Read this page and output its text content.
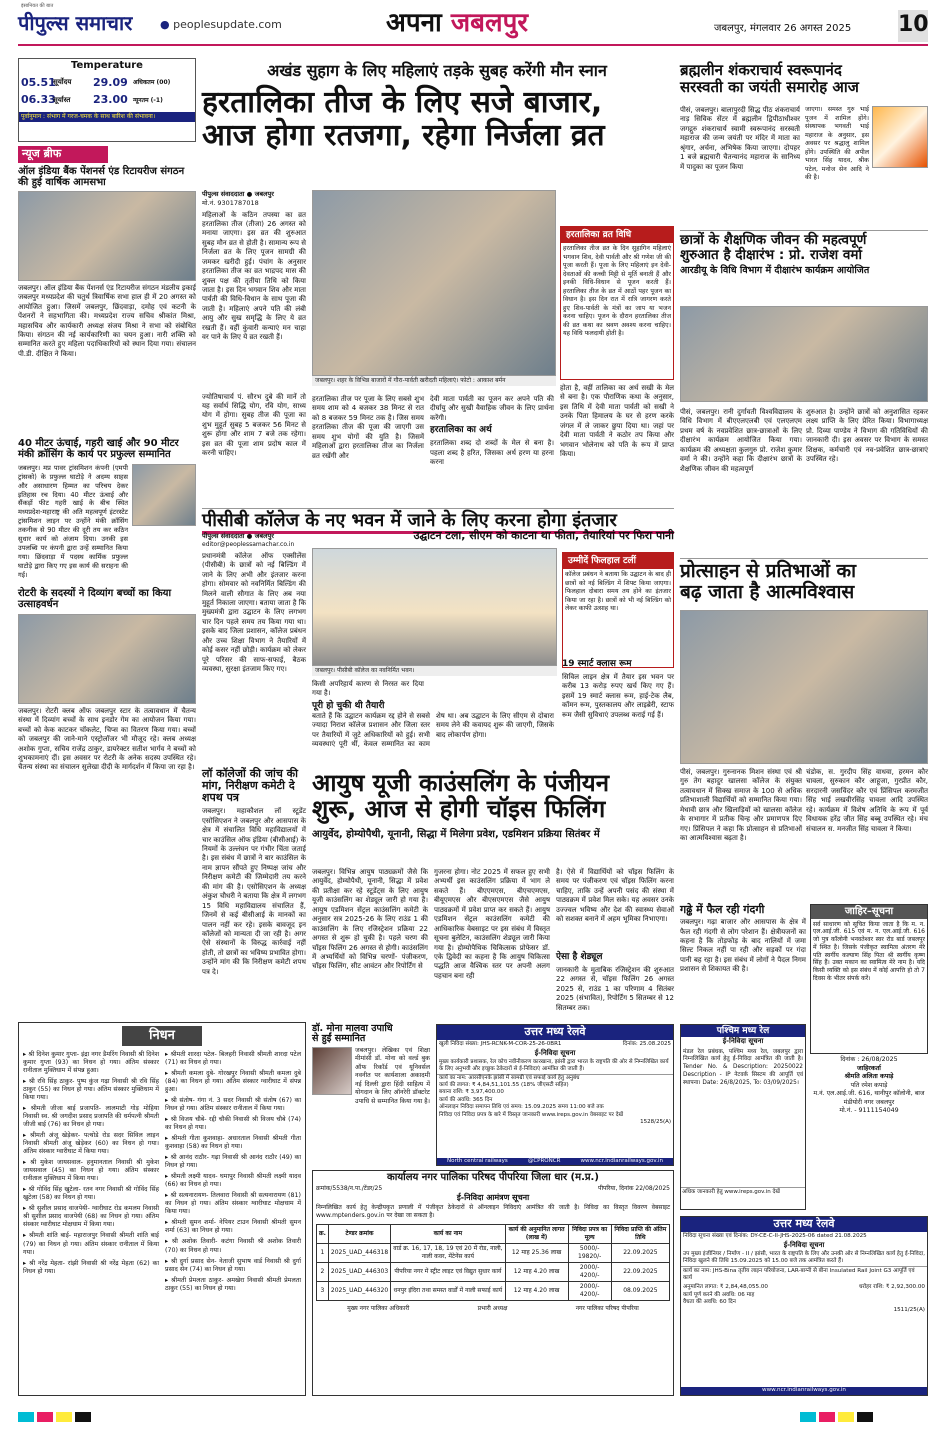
पीपुल्स समाचार
इंसानियत की बात
● peoplesupdate.com	अपना जबलपुर	जबलपुर, मंगलवार 26 अगस्त 2025 10
Temperature
05.51
सूर्योदय	29.09 अधिकतम (00)
06.33
सूर्यास्त	23.00 न्यूनतम (-1)
पूर्वानुमान : संभाग में गरज-चमक के साथ बारिश की संभावना।
न्यूज ब्रीफ
ऑल इंडिया बैंक पेंशनर्स एंड रिटायरीज संगठन की हुई वार्षिक आमसभा
जबलपुर। ऑल इंडिया बैंक पेंशनर्स एंड रिटायरीज संगठन मंडलीय इकाई जबलपुर मध्यप्रदेश की चतुर्थ त्रिवार्षिक सभा हाल ही में 20 अगस्त को आयोजित हुआ। जिसमें जबलपुर, छिंदवाड़ा, दमोह एवं कटनी के पेंशनरों ने सहभागिता की। मध्यप्रदेश राज्य सचिव श्रीकांत मिश्रा, महासचिव और कार्यकारी अध्यक्ष संजय मिश्रा ने सभा को संबोधित किया। संगठन की नई कार्यकारिणी का चयन हुआ। नारी शक्ति को सम्मानित करते हुए महिला पदाधिकारियों को स्थान दिया गया। संचालन पी.डी. दीक्षित ने किया।
40 मीटर ऊंचाई, गहरी खाई और 90 मीटर मंकी क्रॉसिंग के कार्य पर प्रफुल्ल सम्मानित
जबलपुर। मप्र पावर ट्रांसमिशन कंपनी (एमपी ट्रांसको) के प्रफुल्ल घाटोड़े ने अदम्य साहस और असाधारण हिम्मत का परिचय देकर इतिहास रच दिया। 40 मीटर ऊंचाई और सैंकड़ों फीट गहरी खाई के बीच स्थित मध्यप्रदेश-महाराष्ट्र की अति महत्वपूर्ण इंटरस्टेट ट्रांसमिशन लाइन पर उन्होंने मंकी क्रॉसिंग तकनीक से 90 मीटर की दूरी तय कर कठिन सुधार कार्य को अंजाम दिया। उनकी इस उपलब्धि पर कंपनी द्वारा उन्हें सम्मानित किया गया। छिंदवाड़ा में पदस्थ कार्मिक प्रफुल्ल घाटोड़े द्वारा किए गए इस कार्य की सराहना की गई।
रोटरी के सदस्यों ने दिव्यांग बच्चों का किया उत्साहवर्धन
जबलपुर। रोटरी क्लब ऑफ जबलपुर स्टार के तत्वावधान में चैतन्य संस्था में दिव्यांग बच्चों के साथ इनडोर गेम का आयोजन किया गया। बच्चों को केक काटकर चॉकलेट, चिप्स का वितरण किया गया। बच्चों को जबलपुर की जाने-माने एस्ट्रोलॉजर भी मौजूद रहे। क्लब अध्यक्ष अशोक गुप्ता, सचिव राजेंद्र ठाकुर, डायरेक्टर सतीश भार्गव ने बच्चों को शुभकामनाएं दीं। इस अवसर पर रोटरी के अनेक सदस्य उपस्थित रहे। चैतन्य संस्था का संचालन सुलेखा दीदी के मार्गदर्शन में किया जा रहा है।
अखंड सुहाग के लिए महिलाएं तड़के सुबह करेंगी मौन स्नान
हरतालिका तीज के लिए सजे बाजार,
आज होगा रतजगा, रहेगा निर्जला व्रत
पीपुल्स संवाददाता ● जबलपुर
मो.नं. 9301787018
महिलाओं के कठिन तपस्या का व्रत हरतालिका तीज (तीजा) 26 अगस्त को मनाया जाएगा। इस व्रत की शुरुआत सुबह मौन व्रत से होती है। सामान्य रूप से निर्जला व्रत के लिए पूजन सामग्री की जमकर खरीदी हुई। पंचांग के अनुसार हरतालिका तीज का व्रत भाद्रपद मास की शुक्ल पक्ष की तृतीया तिथि को किया जाता है। इस दिन भगवान शिव और माता पार्वती की विधि-विधान के साथ पूजा की जाती है। महिलाएं अपने पति की लंबी आयु और सुख समृद्धि के लिए ये व्रत रखती हैं। वहीं कुंवारी कन्याएं मन चाहा वर पाने के लिए ये व्रत रखती हैं।
ज्योतिषाचार्य पं. सौरभ दुबे की मानें तो यह सर्वार्थ सिद्धि योग, रवि योग, साध्य योग में होगा। सुबह तीज की पूजा का शुभ मुहूर्त सुबह 5 बजकर 56 मिनट से शुरू होगा और शाम 7 बजे तक रहेगा। इस व्रत की पूजा शाम प्रदोष काल में करनी चाहिए।
जबलपुर। शहर के विभिन्न बाजारों में गौरा-पार्वती खरीदती महिलाएं। फोटो : आकाश बर्मन
हरतालिका तीज पर पूजा के लिए सबसे शुभ समय शाम को 4 बजकर 38 मिनट से रात को 8 बजकर 59 मिनट तक है। जिस समय हरतालिका तीज की पूजा की जाएगी उस समय शुभ योगों की युति है। जिसमें महिलाओं द्वारा हरतालिका तीज का निर्जला व्रत रखेंगी और
देवी माता पार्वती का पूजन कर अपने पति की दीर्घायु और सुखी वैवाहिक जीवन के लिए प्रार्थना करेंगी।
हरतालिका का अर्थ
हरतालिका शब्द दो शब्दों के मेल से बना है। पहला शब्द है हरित, जिसका अर्थ हरण या हरना करना
हरतालिका व्रत विधि
हरतालिका तीज व्रत के दिन सुहागिन महिलाएं भगवान शिव, देवी पार्वती और श्री गणेश जी की पूजा करती हैं। पूजा के लिए महिलाएं इन देवी-देवताओं की कच्ची मिट्टी से मूर्ति बनाती हैं और इनकी विधि-विधान से पूजन करती हैं। हरतालिका तीज के व्रत में आठों पहर पूजन का विधान है। इस दिन रात में रात्रि जागरण करते हुए शिव-पार्वती के मंत्रों का जाप या भजन करना चाहिए। पूजन के दौरान हरतालिका तीज की व्रत कथा का श्रवण अवश्य करना चाहिए। यह विधि फलदायी होती है।
होता है, वहीं तालिका का अर्थ सखी के मेल से बना है। एक पौराणिक कथा के अनुसार, इस तिथि में देवी माता पार्वती को सखी ने उनके पिता हिमालय के घर से हरण करके जंगल में ले जाकर छुपा दिया था। जहां पर देवी माता पार्वती ने कठोर तप किया और भगवान भोलेनाथ को पति के रूप में प्राप्त किया।
पीसीबी कॉलेज के नए भवन में जाने के लिए करना होगा इंतजार
पीपुल्स संवाददाता ● जबलपुर
editor@peoplessamachar.co.in
प्रधानमंत्री कॉलेज ऑफ एक्सीलेंस (पीसीबी) के छात्रों को नई बिल्डिंग में जाने के लिए अभी और इंतजार करना होगा। सोमवार को नवनिर्मित बिल्डिंग की मिलने वाली सौगात के लिए अब नया मुहूर्त निकाला जाएगा। बताया जाता है कि मुख्यमंत्री द्वारा उद्घाटन के लिए लगभग चार दिन पहले समय तय किया गया था। इसके बाद जिला प्रशासन, कॉलेज प्रबंधन और उच्च शिक्षा विभाग ने तैयारियों में कोई कसर नहीं छोड़ी। कार्यक्रम को लेकर पूरे परिसर की साफ-सफाई, बैठक व्यवस्था, सुरक्षा इंतजाम किए गए।
उद्घाटन टला, सीएम को काटना था फीता, तैयारियां पर फिरा पानी
जबलपुर। पीसीबी कॉलेज का नवनिर्मित भवन।
किसी अपरिहार्य कारण से निरस्त कर दिया गया है।
पूरी हो चुकी थी तैयारी
बताते हैं कि उद्घाटन कार्यक्रम रद्द होने से सबसे ज्यादा निराश कॉलेज प्रशासन और जिला स्तर पर तैयारियों में जुटे अधिकारियों को हुई। सभी व्यवस्थाएं पूरी थीं, केवल सम्मानित का काम शेष था। अब उद्घाटन के लिए सीएम से दोबारा समय लेने की कवायद शुरू की जाएगी, जिसके बाद लोकार्पण होगा।
उम्मीदें फिलहाल टलीं
कॉलेज प्रबंधन ने बताया कि उद्घाटन के बाद ही छात्रों को नई बिल्डिंग में शिफ्ट किया जाएगा। फिलहाल दोबारा समय तय होने का इंतजार किया जा रहा है। छात्रों को भी नई बिल्डिंग को लेकर काफी उत्साह था।
19 स्मार्ट क्लास रूम
सिविल लाइन क्षेत्र में तैयार इस भवन पर करीब 13 करोड़ रुपए खर्च किए गए हैं। इसमें 19 स्मार्ट क्लास रूम, हाई-टेक लैब, कॉमन रूम, पुस्तकालय और लाइब्रेरी, स्टाफ रूम जैसी सुविधाएं उपलब्ध कराई गई हैं।
लॉ कॉलेजों की जांच की मांग, निरीक्षण कमेटी दे शपथ पत्र
जबलपुर। महाकौशल लॉ स्टूडेंट एसोसिएशन ने जबलपुर और आसपास के क्षेत्र में संचालित विधि महाविद्यालयों में चार काउंसिल ऑफ इंडिया (बीसीआई) के नियमों के उल्लंघन पर गंभीर चिंता जताई है। इस संबंध में छात्रों ने बार काउंसिल के नाम ज्ञापन सौंपते हुए निष्पक्ष जांच और निरीक्षण कमेटी की जिम्मेदारी तय करने की मांग की है। एसोसिएशन के अध्यक्ष अंकुश चौधरी ने बताया कि क्षेत्र में लगभग 15 विधि महाविद्यालय संचालित हैं, जिनमें से कई बीसीआई के मानकों का पालन नहीं कर रहे। इसके बावजूद इन कॉलेजों को मान्यता दी जा रही है। अगर ऐसे संस्थानों के विरुद्ध कार्रवाई नहीं होती, तो छात्रों का भविष्य प्रभावित होगा। उन्होंने मांग की कि निरीक्षण कमेटी शपथ पत्र दे।
आयुष यूजी काउंसलिंग के पंजीयन
शुरू, आज से होगी चॉइस फिलिंग
आयुर्वेद, होम्योपैथी, यूनानी, सिद्धा में मिलेगा प्रवेश, एडमिशन प्रक्रिया सितंबर में
जबलपुर। विभिन्न आयुष पाठ्यक्रमों जैसे कि आयुर्वेद, होम्योपैथी, यूनानी, सिद्धा में प्रवेश की प्रतीक्षा कर रहे स्टूडेंट्स के लिए आयुष यूजी काउंसलिंग का शेड्यूल जारी हो गया है। आयुष एडमिशन सेंट्रल काउंसलिंग कमेटी के अनुसार सत्र 2025-26 के लिए राउंड 1 की काउंसलिंग के लिए रजिस्ट्रेशन प्रक्रिया 22 अगस्त से शुरू हो चुकी है। पहले चरण की चॉइस फिलिंग 26 अगस्त से होगी। काउंसलिंग में अभ्यर्थियों को विभिन्न चरणों- पंजीकरण, चॉइस फिलिंग, सीट आवंटन और रिपोर्टिंग से
गुजरना होगा। नोट 2025 में सफल हुए सभी अभ्यर्थी इस काउंसलिंग प्रक्रिया में भाग ले सकते हैं। बीएएमएस, बीएचएमएस, बीयूएमएस और बीएसएमएस जैसे आयुष पाठ्यक्रमों में प्रवेश प्राप्त कर सकते हैं। आयुष एडमिशन सेंट्रल काउंसलिंग कमेटी की आधिकारिक वेबसाइट पर इस संबंध में विस्तृत सूचना बुलेटिन, काउंसलिंग शेड्यूल जारी किया गया है। होम्योपैथिक चिकित्सक प्रोफेसर डॉ. एके द्विवेदी का कहना है कि आयुष चिकित्सा पद्धति आज वैश्विक स्तर पर अपनी अलग पहचान बना रही
है। ऐसे में विद्यार्थियों को चॉइस फिलिंग के समय पर पंजीकरण एवं चॉइस फिलिंग करना चाहिए, ताकि उन्हें अपनी पसंद की संस्था में पाठ्यक्रम में प्रवेश मिल सके। यह अवसर उनके उज्ज्वल भविष्य और देश की स्वास्थ्य सेवाओं को सशक्त बनाने में अहम भूमिका निभाएगा।
ऐसा है शेड्यूल
जानकारी के मुताबिक रजिस्ट्रेशन की शुरुआत 22 अगस्त से, चॉइस फिलिंग 26 अगस्त 2025 से, राउंड 1 का परिणाम 4 सितंबर 2025 (संभावित), रिपोर्टिंग 5 सितम्बर से 12 सितम्बर तक।
ब्रह्मलीन शंकराचार्य स्वरूपानंद
सरस्वती का जयंती समारोह आज
पीसं, जबलपुर। बालापुरदी सिद्ध पीठ शंकराचार्य नाड़ सिविक सेंटर में ब्रह्मलीन द्विपीठाधीश्वर जगद्गुरु शंकराचार्य स्वामी स्वरूपानंद सरस्वती महाराज की जन्म जयंती पर मंदिर में माता का श्रृंगार, अर्चना, अभिषेक किया जाएगा। दोपहर 1 बजे ब्रह्मचारी चैतन्यानंद महाराज के सानिध्य में पादुका का पूजन किया
जाएगा। समस्त गुरु भाई पूजन में शामिल होंगे। संस्थापक भगवती भाई महाराज के अनुसार, इस अवसर पर श्रद्धालु शामिल होंगे। उपस्थिति की अपील भारत सिंह यादव, श्रीक पटेल, मनोज सेन आदि ने की है।
छात्रों के शैक्षणिक जीवन की महत्वपूर्ण
शुरुआत है दीक्षारंभ : प्रो. राजेश वर्मा
आरडीयू के विधि विभाग में दीक्षारंभ कार्यक्रम आयोजित
पीसं, जबलपुर। रानी दुर्गावती विश्वविद्यालय के विधि विभाग में बीएएलएलबी एवं एलएलएम प्रथम वर्ष के नवप्रवेशित छात्र-छात्राओं के लिए दीक्षारंभ कार्यक्रम आयोजित किया गया। कार्यक्रम की अध्यक्षता कुलगुरु प्रो. राजेश कुमार वर्मा ने की। उन्होंने कहा कि दीक्षारंभ छात्रों के शैक्षणिक जीवन की महत्वपूर्ण
शुरुआत है। उन्होंने छात्रों को अनुशासित रहकर लक्ष्य प्राप्ति के लिए प्रेरित किया। विभागाध्यक्ष प्रो. दिव्या पाण्डेय ने विभाग की गतिविधियों की जानकारी दी। इस अवसर पर विभाग के समस्त शिक्षक, कर्मचारी एवं नव-प्रवेशित छात्र-छात्राएं उपस्थित रहे।
प्रोत्साहन से प्रतिभाओं का
बढ़ जाता है आत्मविश्वास
पीसं, जबलपुर। गुरुनानक मिशन संस्था एवं श्री गुरु तेग बहादुर खालसा कॉलेज के संयुक्त तत्वावधान में सिक्ख समाज के 100 से अधिक प्रतिभाशाली विद्यार्थियों को सम्मानित किया गया। मेधावी छात्र और खिलाड़ियों को खालसा कॉलेज के सभागार में प्रतीक चिन्ह और प्रमाणपत्र दिए गए। प्रिंसिपल ने कहा कि प्रोत्साहन से प्रतिभाओं का आत्मविश्वास बढ़ता है।
चंडोक, स. गुरदीप सिंह वाधवा, हरमन कौर चावला, सुरुकान कौर आहूजा, गुरप्रीत कौर, सरदारनी जसविंदर कौर एवं प्रिंसिपल करमजीत सिंह भाई लखवीरसिंह चावला आदि उपस्थित रहे। कार्यक्रम में विशेष अतिथि के रूप में पूर्व विधायक हरेंद्र जीत सिंह बब्बू उपस्थित रहे। मंच संचालन स. मनजीत सिंह चावला ने किया।
गढ्ढे में फैल रही गंदगी
जबलपुर। गढ़ा बाजार और आसपास के क्षेत्र में फैल रही गंदगी से लोग परेशान हैं। क्षेत्रीयजनों का कहना है कि तोड़फोड़ के बाद नालियों में जमा सिल्ट निकल नहीं पा रही और सड़कों पर गंदा पानी बह रहा है। इस संबंध में लोगों ने पैदल निगम प्रशासन से शिकायत की है।
जाहिर–सूचना
सर्व साधारण को सूचित किया जाता है कि म. न. एल.आई.जी. 615 एवं म. न. एल.आई.जी. 616 जो पुत्र कॉलोनी भनवतेश्वर स्वर रोड बार्ड जबलपुर में स्थित है। जिसके पंजीकृत स्वामित्व अंतरण मेरे पति स्वर्गीय कल्याण सिंह पिता श्री स्वर्गीय कृष्ण सिंह हैं। उक्त मकान का स्वामित्व मेरे नाम है। यदि किसी व्यक्ति को इस संबंध में कोई आपत्ति हो तो 7 दिवस के भीतर संपर्क करें।
दिनांक : 26/08/2025
जाहिरकर्ता
श्रीमति अलिता कपाड़े
पति रमेश कपाड़े
म.नं. एल.आई.जी. 616, थानीपुर कॉलोनी, बाज मंडीयोरी नगर जबलपुर
मो.नं. - 9111154049
निधन
▸ श्री दिनेश कुमार गुप्ता- इंद्रा नगर डैमरिंग निवासी श्री दिनेश कुमार गुप्ता (93) का निधन हो गया। अंतिम संस्कार रानीताल मुक्तिधाम में संपन्न हुआ।
▸ श्री रवि सिंह ठाकुर- पुष्प कुंज गढ़ा निवासी श्री रवि सिंह ठाकुर (55) का निधन हो गया। अंतिम संस्कार मुक्तिधाम में किया गया।
▸ श्रीमती जीजा बाई प्रजापति- लालमाटी गोड़ मोहिया निवासी स्व. श्री जगदीश प्रसाद प्रजापति की धर्मपत्नी श्रीमती जीजी बाई (76) का निधन हो गया।
▸ श्रीमती अंजू खेड़ेकर- पत्थोडे रोड सदर सिविल लाइन निवासी श्रीमती अंजू खेड़ेकर (60) का निधन हो गया। अंतिम संस्कार ग्वारीघाट में किया गया।
▸ श्री मुकेश जायसवाल- हनुमानताल निवासी श्री मुकेश जायसवाल (45) का निधन हो गया। अंतिम संस्कार रानीताल मुक्तिधाम में किया गया।
▸ श्री गोविंद सिंह खुटेला- रतन नगर निवासी श्री गोविंद सिंह खुटेला (58) का निधन हो गया।
▸ श्री सुशील प्रसाद वाजपेयी- ग्वारीघाट रोड कमलम निवासी श्री सुशील प्रसाद वाजपेयी (68) का निधन हो गया। अंतिम संस्कार ग्वारीघाट मोक्षधाम में किया गया।
▸ श्रीमती शांति बाई- महाराजपुर निवासी श्रीमती शांति बाई (79) का निधन हो गया। अंतिम संस्कार रानीताल में किया गया।
▸ श्री नरेंद्र मेहता- रांझी निवासी श्री नरेंद्र मेहता (62) का निधन हो गया।
▸ श्रीमती शारदा पटेल- बिलहरी निवासी श्रीमती शारदा पटेल (71) का निधन हो गया।
▸ श्रीमती कमला दुबे- गोरखपुर निवासी श्रीमती कमला दुबे (84) का निधन हो गया। अंतिम संस्कार ग्वारीघाट में संपन्न हुआ।
▸ श्री संतोष- गंगा नं. 3 सदर निवासी श्री संतोष (67) का निधन हो गया। अंतिम संस्कार रानीताल में किया गया।
▸ श्री विजय चौबे- रद्दी चौकी निवासी श्री विजय चौबे (74) का निधन हो गया।
▸ श्रीमती गीता कुशवाहा- अधारताल निवासी श्रीमती गीता कुशवाहा (58) का निधन हो गया।
▸ श्री आनंद राठौर- गढ़ा निवासी श्री आनंद राठौर (49) का निधन हो गया।
▸ श्रीमती लक्ष्मी यादव- घमापुर निवासी श्रीमती लक्ष्मी यादव (66) का निधन हो गया।
▸ श्री सत्यनारायण- तिलवारा निवासी श्री सत्यनारायण (81) का निधन हो गया। अंतिम संस्कार ग्वारीघाट मोक्षधाम में किया गया।
▸ श्रीमती सुमन शर्मा- नेपियर टाउन निवासी श्रीमती सुमन शर्मा (63) का निधन हो गया।
▸ श्री अशोक तिवारी- कटंगा निवासी श्री अशोक तिवारी (70) का निधन हो गया।
▸ श्री दुर्गा प्रसाद सेन- नेताजी सुभाष वार्ड निवासी श्री दुर्गा प्रसाद सेन (74) का निधन हो गया।
▸ श्रीमती प्रेमलता ठाकुर- अमखेरा निवासी श्रीमती प्रेमलता ठाकुर (55) का निधन हो गया।
डॉ. मोना मालवा उपाधि
से हुईं सम्मानित
जबलपुर। लेखिका एवं शिक्षा मीमांसी डॉ. मोना को वर्ल्ड बुक ऑफ रिकॉर्ड एवं यूनिवर्सल नवनीत पर कार्यशाला अकादमी नई दिल्ली द्वारा हिंदी साहित्य में योगदान के लिए ऑनरेरी डॉक्टरेट उपाधि से सम्मानित किया गया है।
उत्तर मध्य रेलवे
खुली निविदा संख्या: JHS-RCNK-M-COR-25-26-0BR1	दिनांक: 25.08.2025
ई-निविदा सूचना
मुख्य कार्यकारी प्रशासक, रेल कोच नवीनीकरण कारखाना, झांसी द्वारा भारत के राष्ट्रपति की ओर से निम्नलिखित कार्य के लिए अनुभवी और इच्छुक ठेकेदारों से ई-निविदाएं आमंत्रित की जाती हैं।
कार्य का नाम: आरसीएनके झांसी में सामग्री एवं सफाई कार्य हेतु अनुबंध
कार्य की लागत: ₹ 4,84,51,101.55 (18% जीएसटी सहित)
बयाना राशि: ₹ 3,97,400.00
कार्य की अवधि: 365 दिन
ऑनलाइन निविदा समापन तिथि एवं समय: 15.09.2025 समय 11:00 बजे तक
निविदा एवं निविदा प्रपत्र के बारे में विस्तृत जानकारी www.ireps.gov.in वेबसाइट पर देखें
1528/25(A)
North central railways	@CPRONCR	www.ncr.indianrailways.gov.in
पश्चिम मध्य रेल
ई-निविदा सूचना
मंडल रेल प्रबंधक, पश्चिम मध्य रेल, जबलपुर द्वारा निम्नलिखित कार्य हेतु ई-निविदा आमंत्रित की जाती है। Tender No. & Description: 20250022 Description - IP नेटवर्क सिस्टम की आपूर्ति एवं स्थापना। Date: 26/8/2025, To: 03/09/2025।
अधिक जानकारी हेतु www.ireps.gov.in देखें
कार्यालय नगर पालिका परिषद पीपरिया जिला धार (म.प्र.)
क्रमांक/5538/न.पा./टेंडर/25	पीपरिया, दिनांक 22/08/2025
ई-निविदा आमंत्रण सूचना
निम्नलिखित कार्य हेतु केन्द्रीयकृत प्रणाली में पंजीकृत ठेकेदारों से ऑनलाइन निविदाएं आमंत्रित की जाती है। निविदा का विस्तृत विवरण वेबसाइट www.mptenders.gov.in पर देखा जा सकता है।
क्र.	टेण्डर क्रमांक	कार्य का नाम	कार्य की अनुमानित लागत (लाख में)	निविदा प्रपत्र का मूल्य	निविदा प्राप्ति की अंतिम तिथि
1	2025_UAD_446318	वार्ड क्र. 16, 17, 18, 19 एवं 20 में रोड, नाली, नाली कवर, मेंटेनेंस कार्य	12 माह 25.36 लाख	5000/- 19820/-	22.09.2025
2	2025_UAD_446303	पीपरिया नगर में स्ट्रीट लाइट एवं विद्युत सुधार कार्य	12 माह 4.20 लाख	2000/- 4200/-	22.09.2025
3	2025_UAD_446320	धनपुर इंदिरा तथा समस्त वार्डों में नाली सफाई कार्य	12 माह 4.20 लाख	2000/- 4200/-	08.09.2025
मुख्य नगर पालिका अधिकारी	प्रभारी अध्यक्ष	नगर पालिका परिषद पीपरिया
उत्तर मध्य रेलवे
निविदा सूचना संख्या एवं दिनांक: DY-CE-C-II-JHS-2025-06 dated 21.08.2025
ई-निविदा सूचना
उप मुख्य इंजीनियर / निर्माण - II / झांसी, भारत के राष्ट्रपति के लिए और उनकी ओर से निम्नलिखित कार्य हेतु ई-निविदा, निविदा खुलने की तिथि 15.09.2025 को 15.00 बजे तक आमंत्रित करते हैं।
कार्य का नाम: JHS-Bina तृतीय लाइन परियोजना, LAR-बाग्नी से बीना Insulated Rail Joint G3 आपूर्ति एवं कार्य
अनुमानित लागत: ₹ 2,84,48,055.00	धरोहर राशि: ₹ 2,92,300.00
कार्य पूर्ण करने की अवधि: 06 माह
वैधता की अवधि: 60 दिन
1511/25(A)
www.ncr.indianrailways.gov.in
